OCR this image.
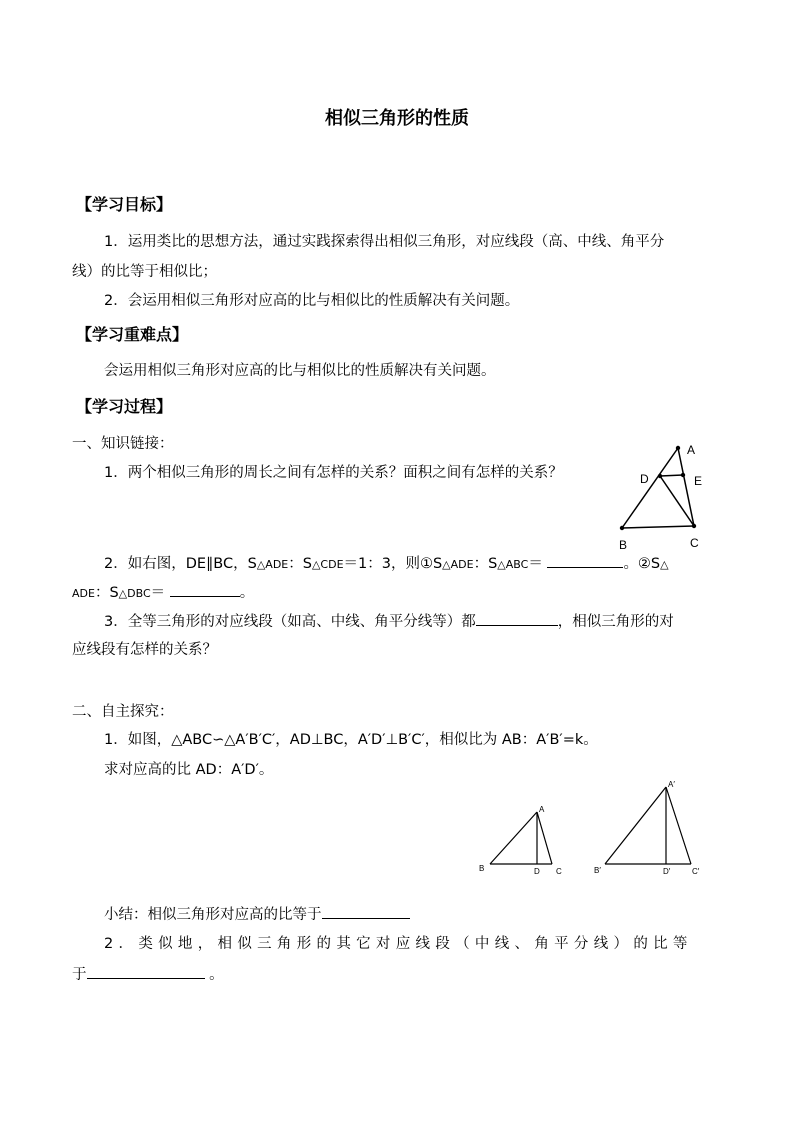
相似三角形的性质
【学习目标】
1．运用类比的思想方法，通过实践探索得出相似三角形，对应线段（高、中线、角平分
线）的比等于相似比；
2．会运用相似三角形对应高的比与相似比的性质解决有关问题。
【学习重难点】
会运用相似三角形对应高的比与相似比的性质解决有关问题。
【学习过程】
一、知识链接：
1．两个相似三角形的周长之间有怎样的关系？面积之间有怎样的关系？
A
D	E
B	C
2．如右图，DE∥BC，S△ADE：S△CDE＝1：3，则①S△ADE：S△ABC＝	。②S△
ADE：S△DBC＝	。
3．全等三角形的对应线段（如高、中线、角平分线等）都	，相似三角形的对
应线段有怎样的关系？
二、自主探究：
1．如图，△ABC∽△A′B′C′，AD⊥BC，A′D′⊥B′C′，相似比为 AB：A′B′=k。
求对应高的比 AD：A′D′。
A
B	D C
A′
B′	D′	C′
小结：相似三角形对应高的比等于
2．类似地，相似三角形的其它对应线段（中线、角平分线）的比等
于	。
